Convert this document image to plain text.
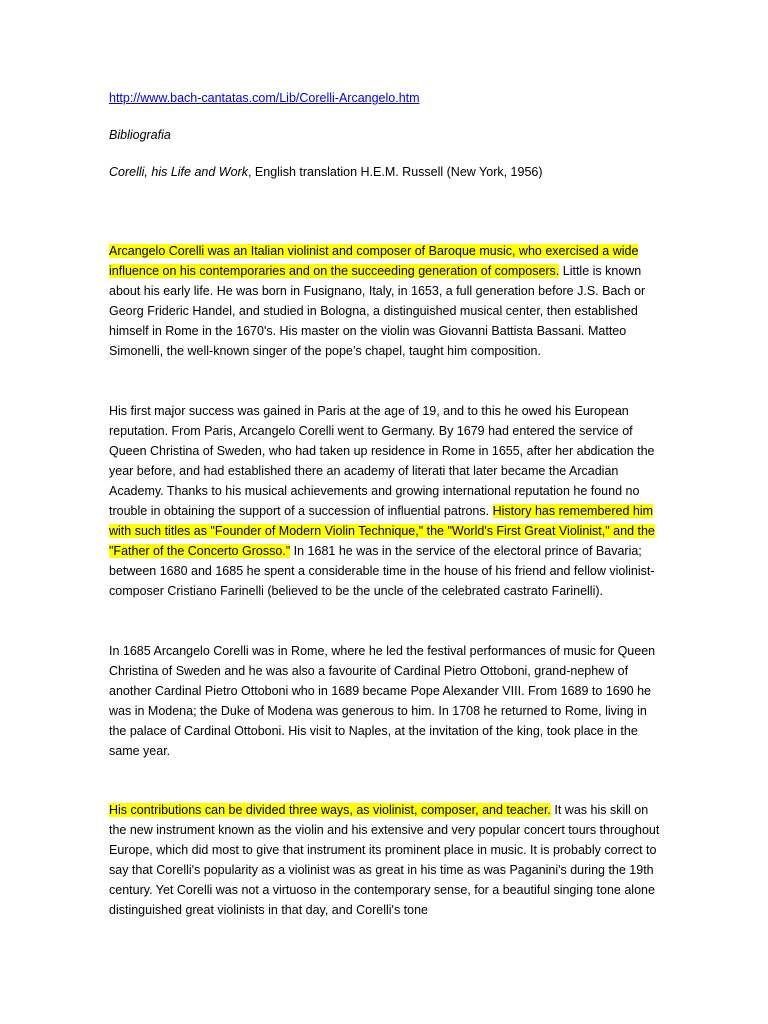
http://www.bach-cantatas.com/Lib/Corelli-Arcangelo.htm

Bibliografia

Corelli, his Life and Work, English translation H.E.M. Russell (New York, 1956)

Arcangelo Corelli was an Italian violinist and composer of Baroque music, who exercised a wide influence on his contemporaries and on the succeeding generation of composers. Little is known about his early life. He was born in Fusignano, Italy, in 1653, a full generation before J.S. Bach or Georg Frideric Handel, and studied in Bologna, a distinguished musical center, then established himself in Rome in the 1670's. His master on the violin was Giovanni Battista Bassani. Matteo Simonelli, the well-known singer of the pope’s chapel, taught him composition.

His first major success was gained in Paris at the age of 19, and to this he owed his European reputation. From Paris, Arcangelo Corelli went to Germany. By 1679 had entered the service of Queen Christina of Sweden, who had taken up residence in Rome in 1655, after her abdication the year before, and had established there an academy of literati that later became the Arcadian Academy. Thanks to his musical achievements and growing international reputation he found no trouble in obtaining the support of a succession of influential patrons. History has remembered him with such titles as "Founder of Modern Violin Technique," the "World's First Great Violinist," and the "Father of the Concerto Grosso." In 1681 he was in the service of the electoral prince of Bavaria; between 1680 and 1685 he spent a considerable time in the house of his friend and fellow violinist-composer Cristiano Farinelli (believed to be the uncle of the celebrated castrato Farinelli).

In 1685 Arcangelo Corelli was in Rome, where he led the festival performances of music for Queen Christina of Sweden and he was also a favourite of Cardinal Pietro Ottoboni, grand-nephew of another Cardinal Pietro Ottoboni who in 1689 became Pope Alexander VIII. From 1689 to 1690 he was in Modena; the Duke of Modena was generous to him. In 1708 he returned to Rome, living in the palace of Cardinal Ottoboni. His visit to Naples, at the invitation of the king, took place in the same year.

His contributions can be divided three ways, as violinist, composer, and teacher. It was his skill on the new instrument known as the violin and his extensive and very popular concert tours throughout Europe, which did most to give that instrument its prominent place in music. It is probably correct to say that Corelli's popularity as a violinist was as great in his time as was Paganini's during the 19th century. Yet Corelli was not a virtuoso in the contemporary sense, for a beautiful singing tone alone distinguished great violinists in that day, and Corelli's tone
